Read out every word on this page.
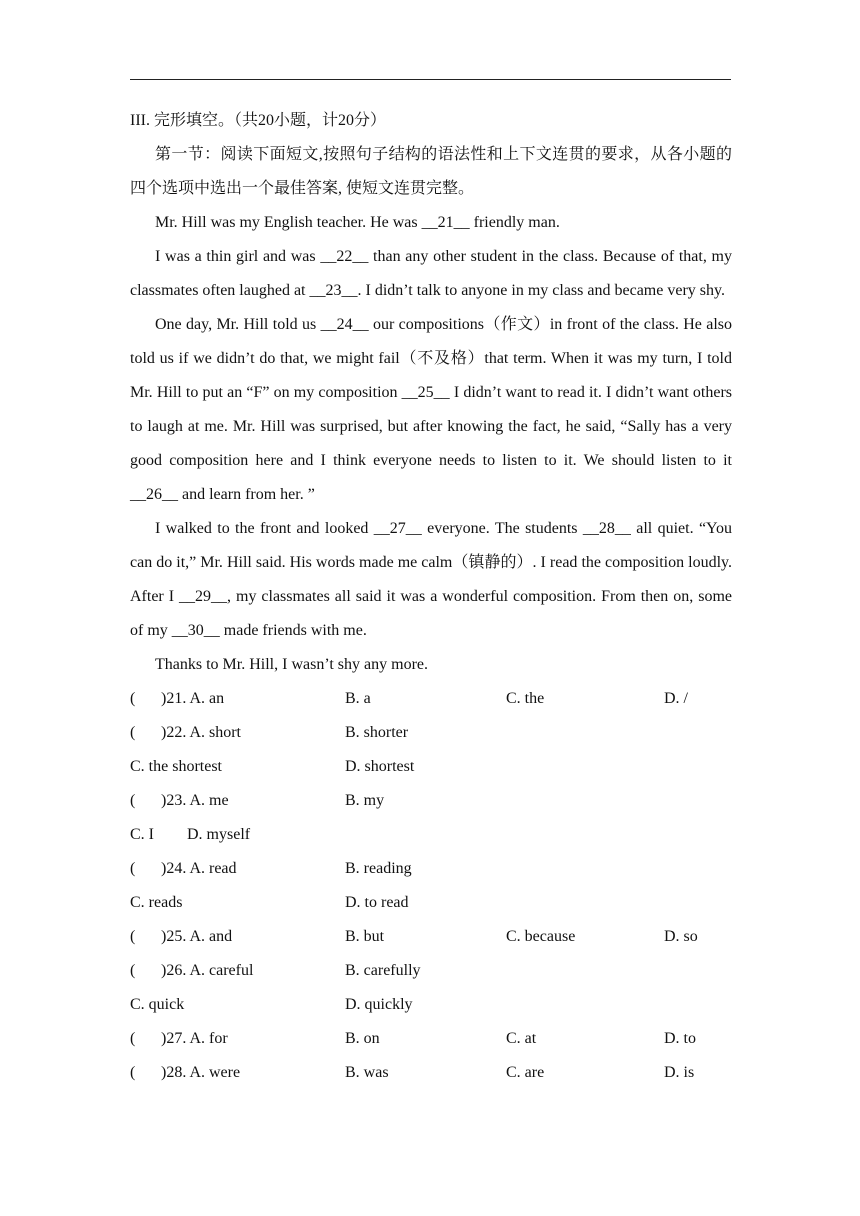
III. 完形填空。（共20小题，计20分）
第一节：阅读下面短文,按照句子结构的语法性和上下文连贯的要求，从各小题的四个选项中选出一个最佳答案, 使短文连贯完整。
Mr. Hill was my English teacher. He was __21__ friendly man.
I was a thin girl and was __22__ than any other student in the class. Because of that, my classmates often laughed at __23__. I didn’t talk to anyone in my class and became very shy.
One day, Mr. Hill told us __24__ our compositions（作文）in front of the class. He also told us if we didn’t do that, we might fail（不及格）that term. When it was my turn, I told Mr. Hill to put an “F” on my composition __25__ I didn’t want to read it. I didn’t want others to laugh at me. Mr. Hill was surprised, but after knowing the fact, he said, “Sally has a very good composition here and I think everyone needs to listen to it. We should listen to it __26__ and learn from her. ”
I walked to the front and looked __27__ everyone. The students __28__ all quiet. “You can do it,” Mr. Hill said. His words made me calm（镇静的）. I read the composition loudly. After I __29__, my classmates all said it was a wonderful composition. From then on, some of my __30__ made friends with me.
Thanks to Mr. Hill, I wasn’t shy any more.
( )21. A. an	B. a	C. the	D. /
( )22. A. short	B. shorter
C. the shortest	D. shortest
( )23. A. me	B. my
C. I D. myself
( )24. A. read	B. reading
C. reads	D. to read
( )25. A. and	B. but	C. because	D. so
( )26. A. careful	B. carefully
C. quick	D. quickly
( )27. A. for	B. on	C. at	D. to
( )28. A. were	B. was	C. are	D. is
